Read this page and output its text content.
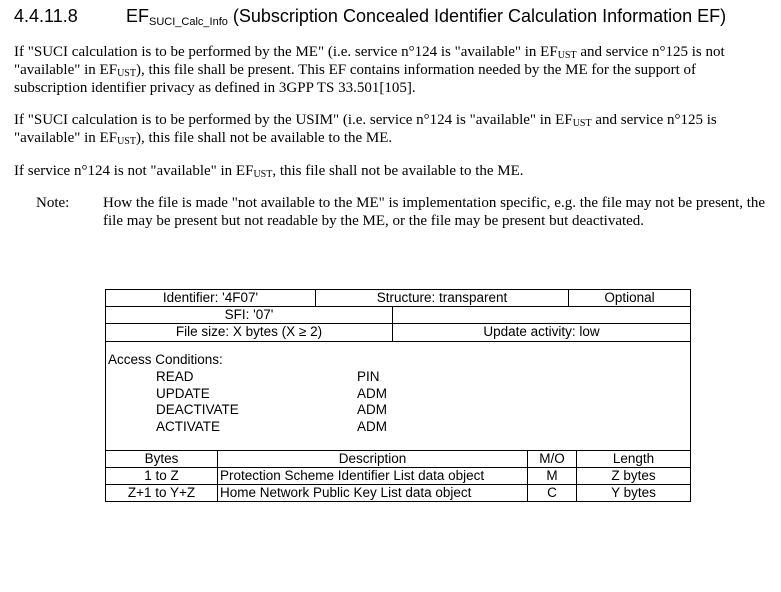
4.4.11.8	$EF_{SUCI\_Calc\_Info}$ (Subscription Concealed Identifier Calculation Information EF)
If "SUCI calculation is to be performed by the ME" (i.e. service n°124 is "available" in $EF_{UST}$ and service n°125 is not "available" in $EF_{UST}$), this file shall be present. This EF contains information needed by the ME for the support of subscription identifier privacy as defined in 3GPP TS 33.501[105].
If "SUCI calculation is to be performed by the USIM" (i.e. service n°124 is "available" in $EF_{UST}$ and service n°125 is "available" in $EF_{UST}$), this file shall not be available to the ME.
If service n°124 is not "available" in $EF_{UST}$, this file shall not be available to the ME.
Note: How the file is made "not available to the ME" is implementation specific, e.g. the file may not be present, the file may be present but not readable by the ME, or the file may be present but deactivated.
Identifier: '4F07'	Structure: transparent	Optional
SFI: '07'
File size: X bytes (X ≥ 2)	Update activity: low
Access Conditions:
READ	PIN
UPDATE	ADM
DEACTIVATE	ADM
ACTIVATE	ADM
Bytes	Description	M/O	Length
1 to Z	Protection Scheme Identifier List data object	M	Z bytes
Z+1 to Y+Z	Home Network Public Key List data object	C	Y bytes
